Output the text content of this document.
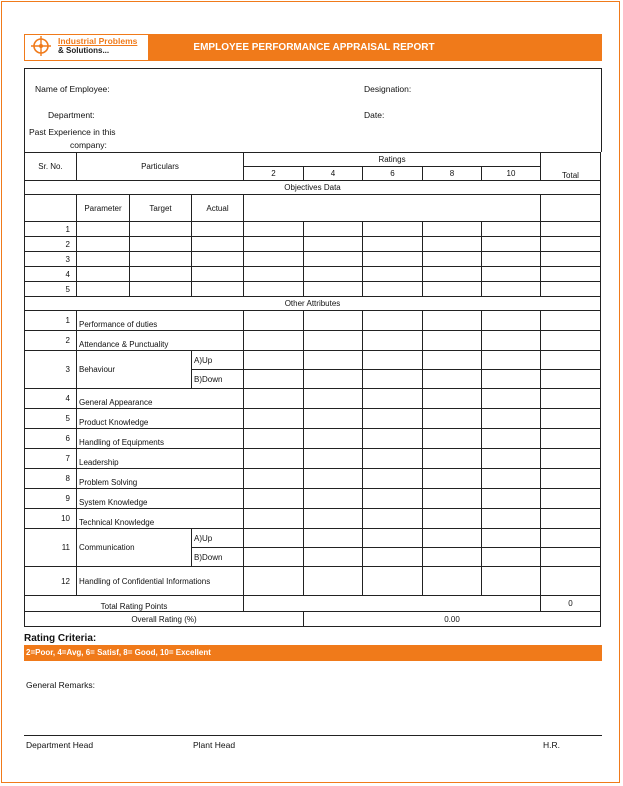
Industrial Problems
& Solutions...	EMPLOYEE PERFORMANCE APPRAISAL REPORT
Name of Employee:	Designation:
Department:	Date:
Past Experience in this
company:
Sr. No.	Particulars			Ratings					Total
				2	4	6	8	10	
Objectives Data									
	Parameter	Target	Actual						
1									
2									
3									
4									
5									
Other Attributes									
1	Performance of duties								
2	Attendance & Punctuality								
3	Behaviour		A)Up						
			B)Down						
4	General Appearance								
5	Product Knowledge								
6	Handling of Equipments								
7	Leadership								
8	Problem Solving								
9	System Knowledge								
10	Technical Knowledge								
11	Communication		A)Up						
			B)Down						
12	Handling of Confidential Informations								
Total Rating Points									0
Overall Rating (%)					0.00				
Rating Criteria:
2=Poor, 4=Avg, 6= Satisf, 8= Good, 10= Excellent
General Remarks:
Department Head	Plant Head	H.R.
